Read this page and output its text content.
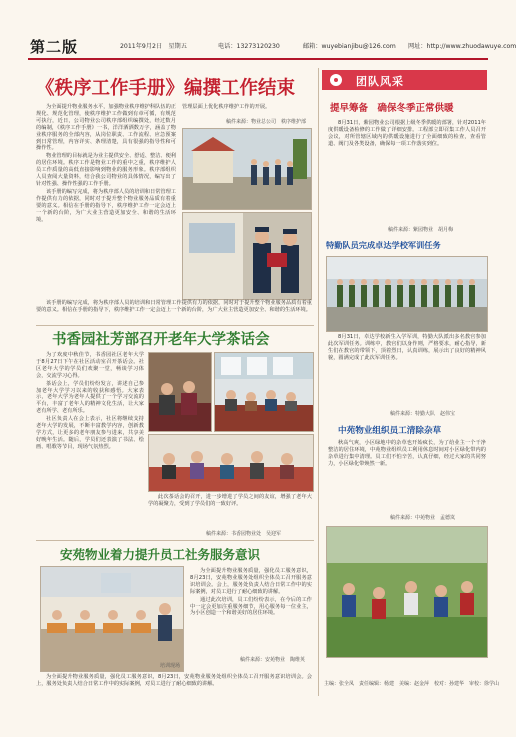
第二版	2011年9月2日　星期五	电话：13273120230	邮箱：wuyebianjibu@126.com 网址：http://www.zhuodawuye.com
《秩序工作手册》编撰工作结束

为全面提升物业服务水平，加强物业秩序维护科队伍的正规化、规范化管理，使秩序维护工作做到有章可循，有规范可执行，近日，公司物业公司秩序部组织编撰处，经过数月的编制，《秩序工作手册》一书，洋洋洒洒数万字，涵盖了物业秩序服务的全部内容，从岗位职责、工作流程、应急预案到日常管理，内容详实、条理清楚，具有很强的指导性和可操作性。

物业管理的目标就是为业主提供安全、舒适、整洁、便利的居住环境。秩序工作是物业工作的重中之重，秩序维护人员工作质量的高低直接影响到物业的服务形象。秩序部组织人员查阅大量资料，结合我公司物业的具体情况，编写出了针对性强、操作性强的工作手册。

该手册的编写完成，将为秩序部人员的培训和日常管理工作提供有力的依据，同时对于提升整个物业服务品质有着重要的意义。相信在手册的指导下，秩序维护工作一定会迈上一个新的台阶，为广大业主营造更加安全、和谐的生活环境。

管理层面上优化秩序维护工作的开展。

稿件来源：物业总公司　秩序维护部

该手册的编写完成，将为秩序部人员的培训和日常管理工作提供有力的依据，同时对于提升整个物业服务品质有着重要的意义。相信在手册的指导下，秩序维护工作一定会迈上一个新的台阶，为广大业主营造更加安全、和谐的生活环境。

书香园社芳部召开老年大学茶话会

为了欢度中秋佳节，书香园社区老年大学于8月27日下午在社区活动室召开茶话会。社区老年大学的学员们欢聚一堂，畅谈学习体会，交流学习心得。

茶话会上，学员们纷纷发言，讲述自己参加老年大学学习以来的收获和感悟。大家表示，老年大学为老年人提供了一个学习交流的平台，丰富了老年人的精神文化生活，让大家老有所学、老有所乐。

社区负责人在会上表示，社区将继续支持老年大学的发展，不断丰富教学内容，创新教学方式，让更多的老年朋友参与进来，共享美好晚年生活。随后，学员们还表演了书法、绘画、唱歌等节目，现场气氛热烈。

此次茶话会的召开，进一步增进了学员之间的友谊，增强了老年大学的凝聚力，受到了学员们的一致好评。

稿件来源：书香园物业处　吴迎军
安苑物业着力提升员工社务服务意识
培训现场

为全面提升物业服务质量，强化员工服务意识，8月23日，安苑物业服务处组织全体员工召开服务意识培训会。会上，服务处负责人结合日常工作中的实际案例，对员工进行了耐心细致的讲解。

通过此次培训，员工们纷纷表示，在今后的工作中一定会更加注重服务细节，用心服务每一位业主，为小区创造一个和谐美好的居住环境。

稿件来源：安苑物业　陶维英

为全面提升物业服务质量，强化员工服务意识，8月23日，安苑物业服务处组织全体员工召开服务意识培训会。会上，服务处负责人结合日常工作中的实际案例，对员工进行了耐心细致的讲解。

团队风采
提早筹备　确保冬季正常供暖

8月31日，紫园物业公司根据上级冬季供暖的部署，针对2011年度供暖设备检修的工作做了详细安排。工程部立即召集工作人员召开会议，对所管辖区域内的供暖设施进行了全面细致的检查，查看管道、阀门及各类设备，确保每一项工作落实到位。

稿件来源：紫园物业　胡月梅
特勤队员完成卓达学校军训任务

8月31日，卓达学校新生入学军训，特勤大队派出多名教官参加此次军训任务。训练中，教官们以身作则，严格要求，耐心指导，新生们在教官的带领下，顶着烈日，认真训练，展示出了良好的精神风貌，圆满完成了此次军训任务。

稿件来源：特勤大队　赵伟宝
中苑物业组织员工清除杂草

秋高气爽，小区绿地中的杂草也开始疯长，为了给业主一个干净整洁的居住环境，中苑物业组织员工利用休息时间对小区绿化带内的杂草进行集中清理。员工们不怕辛苦，认真仔细，经过大家的共同努力，小区绿化带焕然一新。

稿件来源：中苑物业　孟德岚
主编：张全凤　责任编辑：杨建　美编：赵金萍　校对：孙建华　审校：徐学山
